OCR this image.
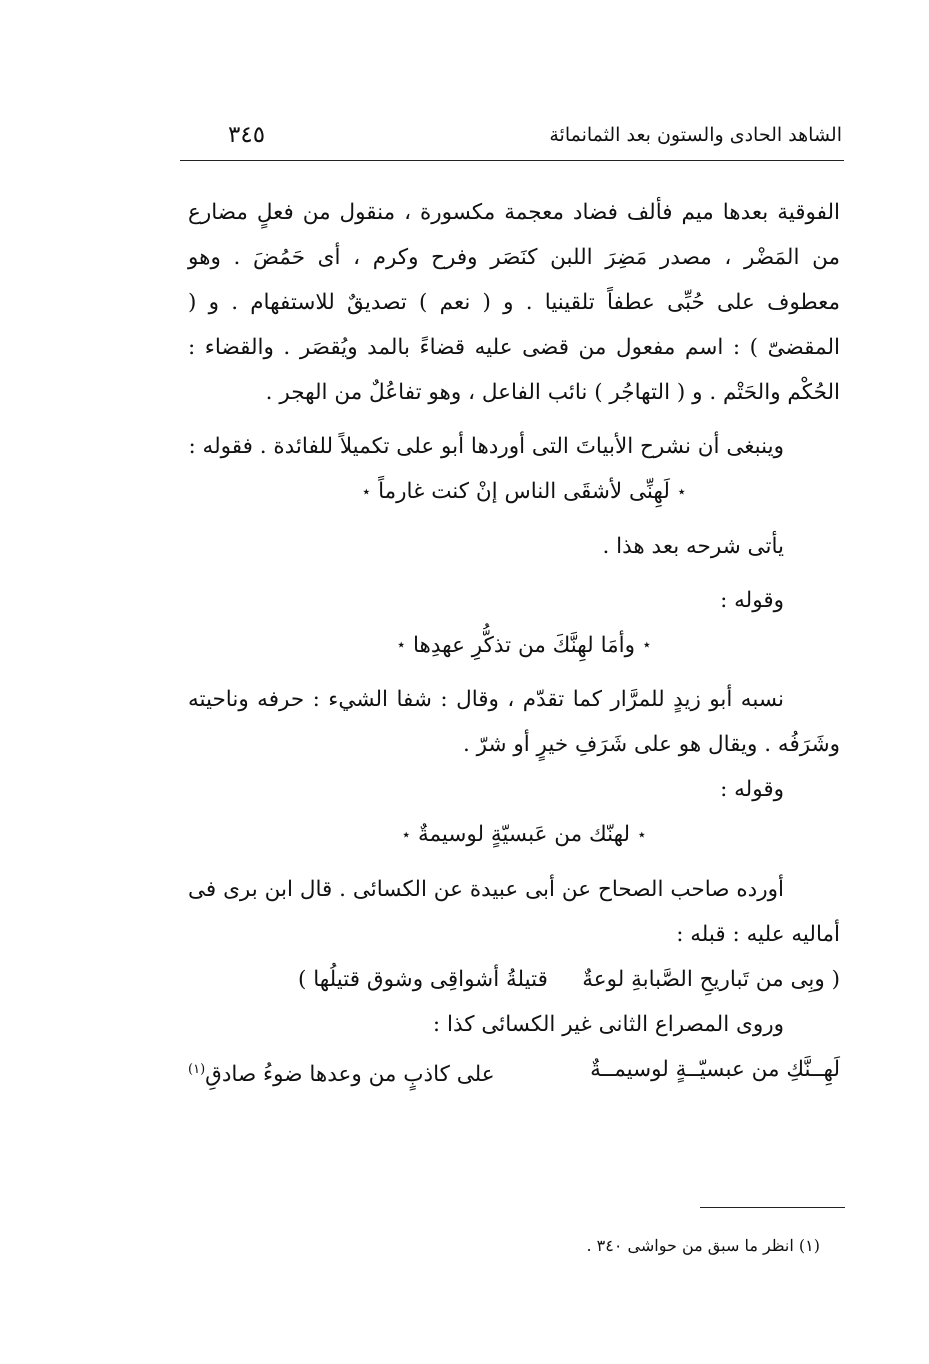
الشاهد الحادى والستون بعد الثمانمائة
٣٤٥

الفوقية بعدها ميم فألف فضاد معجمة مكسورة ، منقول من فعلٍ مضارع من المَضْر ، مصدر مَضِرَ اللبن كنَصَر وفرح وكرم ، أى حَمُضَ . وهو معطوف على حُبِّى عطفاً تلقينيا . و ( نعم ) تصديقٌ للاستفهام . و ( المقضىّ ) : اسم مفعول من قضى عليه قضاءً بالمد ويُقصَر . والقضاء : الحُكْم والحَتْم . و ( التهاجُر ) نائب الفاعل ، وهو تفاعُلٌ من الهجر .

وينبغى أن نشرح الأبياتَ التى أوردها أبو على تكميلاً للفائدة . فقوله :

٭لَهِنِّى لأشقَى الناس إنْ كنت غارماً٭

يأتى شرحه بعد هذا .

وقوله :

٭وأمَا لهِنَّكَ من تذكُّرِ عهدِها٭

نسبه أبو زيدٍ للمرَّار كما تقدّم ، وقال : شفا الشيء : حرفه وناحيته وشَرَفُه . ويقال هو على شَرَفِ خيرٍ أو شرّ .

وقوله :

٭لهنّك من عَبسيّةٍ لوسيمةٌ٭

أورده صاحب الصحاح عن أبى عبيدة عن الكسائى . قال ابن برى فى أماليه عليه : قبله :

( وبِى من تَباريحِ الصَّبابةِ لوعةٌ
قتيلةُ أشواقِى وشوق قتيلُها )

وروى المصراع الثانى غير الكسائى كذا :

لَهِــنَّكِ من عبسيّــةٍ لوسيمــةٌ
على كاذبٍ من وعدها ضوءُ صادقِ$^{(١)}$

(١) انظر ما سبق من حواشى ٣٤٠ .
